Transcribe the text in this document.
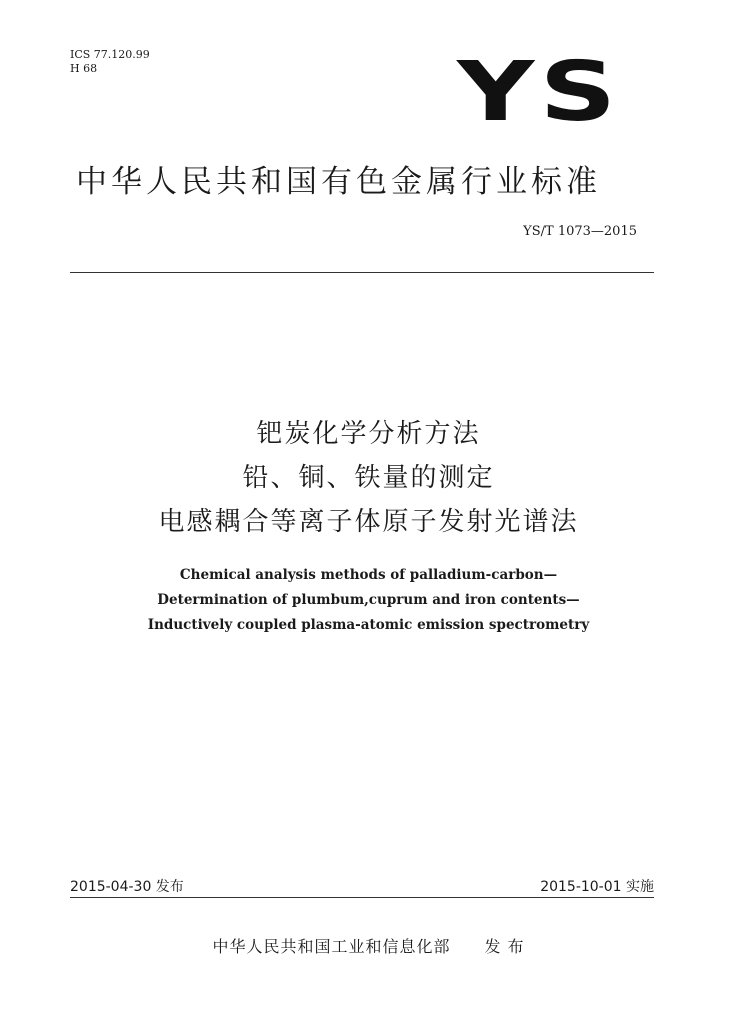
ICS 77.120.99
H 68	YS
中华人民共和国有色金属行业标准
YS/T 1073—2015
钯炭化学分析方法
铅、铜、铁量的测定
电感耦合等离子体原子发射光谱法
Chemical analysis methods of palladium-carbon—
Determination of plumbum,cuprum and iron contents—
Inductively coupled plasma-atomic emission spectrometry
2015-04-30 发布	2015-10-01 实施
中华人民共和国工业和信息化部 发 布
